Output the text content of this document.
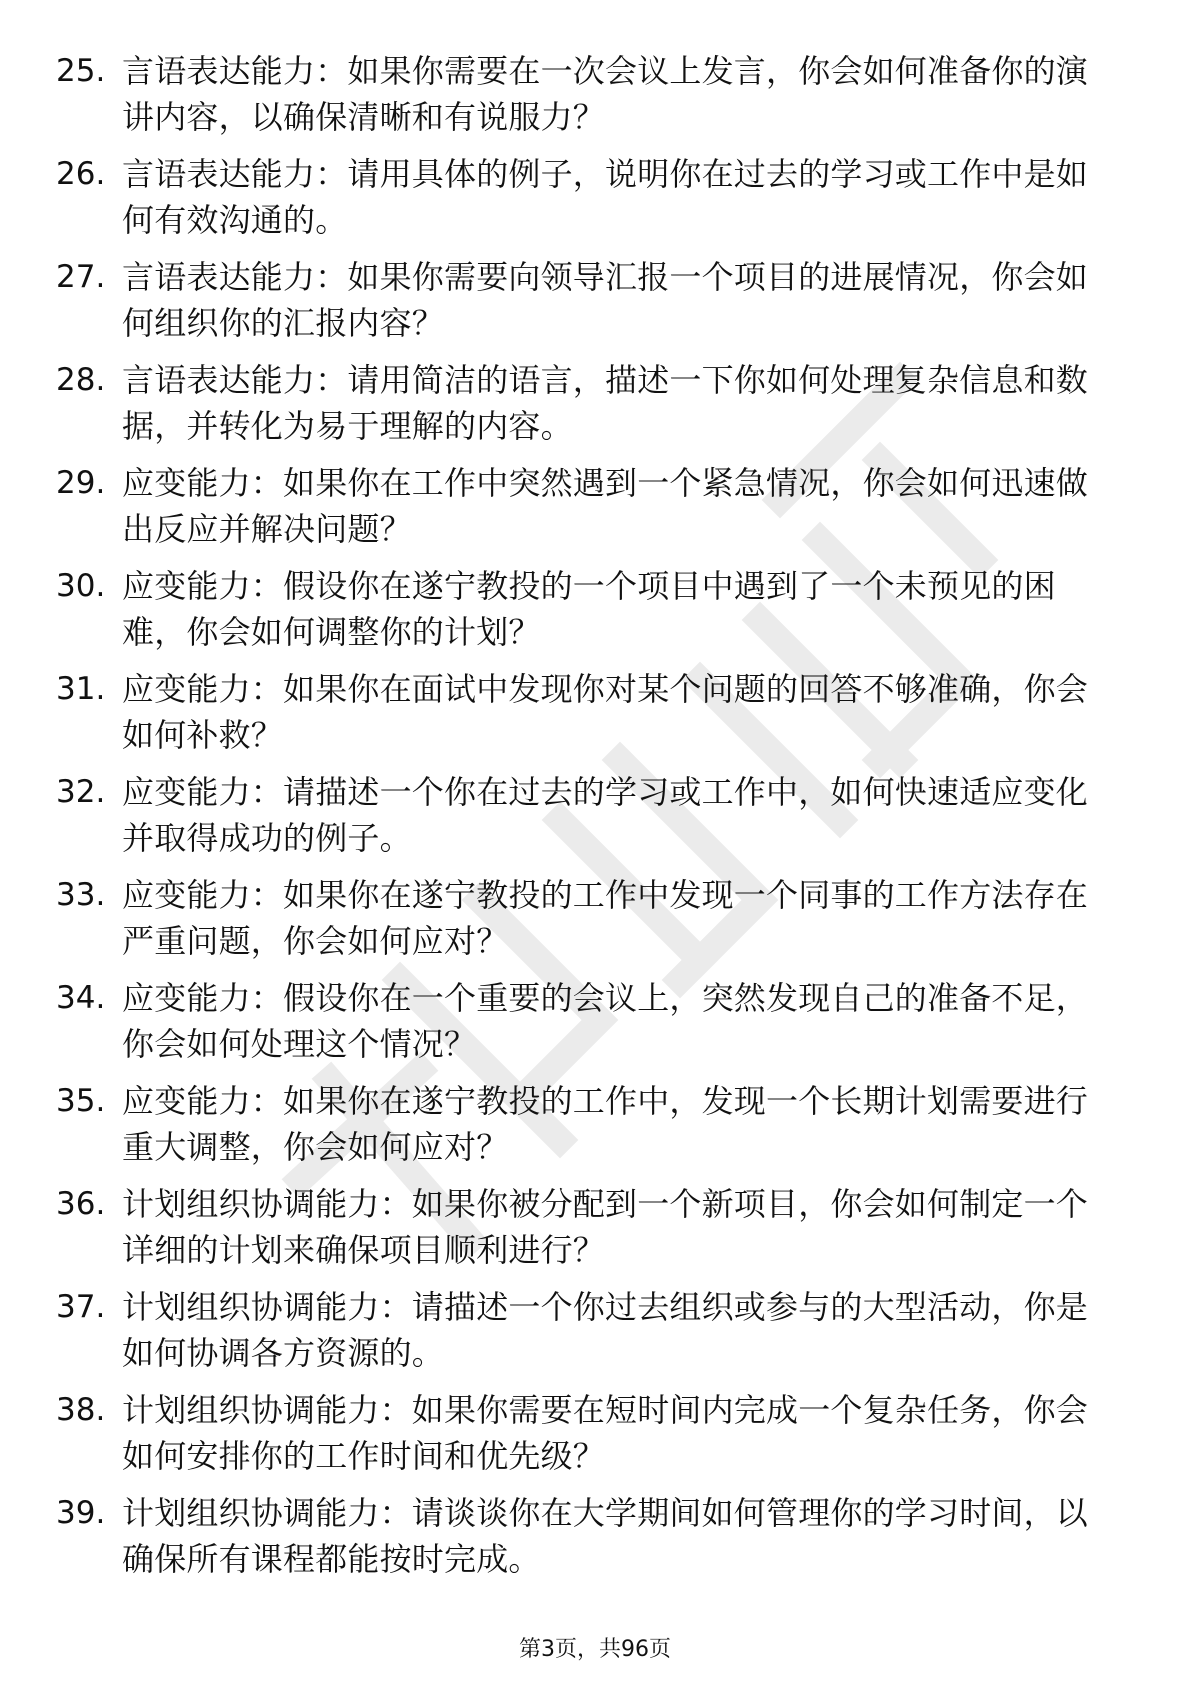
25. 言语表达能力：如果你需要在一次会议上发言，你会如何准备你的演讲内容，以确保清晰和有说服力？
26. 言语表达能力：请用具体的例子，说明你在过去的学习或工作中是如何有效沟通的。
27. 言语表达能力：如果你需要向领导汇报一个项目的进展情况，你会如何组织你的汇报内容？
28. 言语表达能力：请用简洁的语言，描述一下你如何处理复杂信息和数据，并转化为易于理解的内容。
29. 应变能力：如果你在工作中突然遇到一个紧急情况，你会如何迅速做出反应并解决问题？
30. 应变能力：假设你在遂宁教投的一个项目中遇到了一个未预见的困难，你会如何调整你的计划？
31. 应变能力：如果你在面试中发现你对某个问题的回答不够准确，你会如何补救？
32. 应变能力：请描述一个你在过去的学习或工作中，如何快速适应变化并取得成功的例子。
33. 应变能力：如果你在遂宁教投的工作中发现一个同事的工作方法存在严重问题，你会如何应对？
34. 应变能力：假设你在一个重要的会议上，突然发现自己的准备不足，你会如何处理这个情况？
35. 应变能力：如果你在遂宁教投的工作中，发现一个长期计划需要进行重大调整，你会如何应对？
36. 计划组织协调能力：如果你被分配到一个新项目，你会如何制定一个详细的计划来确保项目顺利进行？
37. 计划组织协调能力：请描述一个你过去组织或参与的大型活动，你是如何协调各方资源的。
38. 计划组织协调能力：如果你需要在短时间内完成一个复杂任务，你会如何安排你的工作时间和优先级？
39. 计划组织协调能力：请谈谈你在大学期间如何管理你的学习时间，以确保所有课程都能按时完成。
第3页，共96页
